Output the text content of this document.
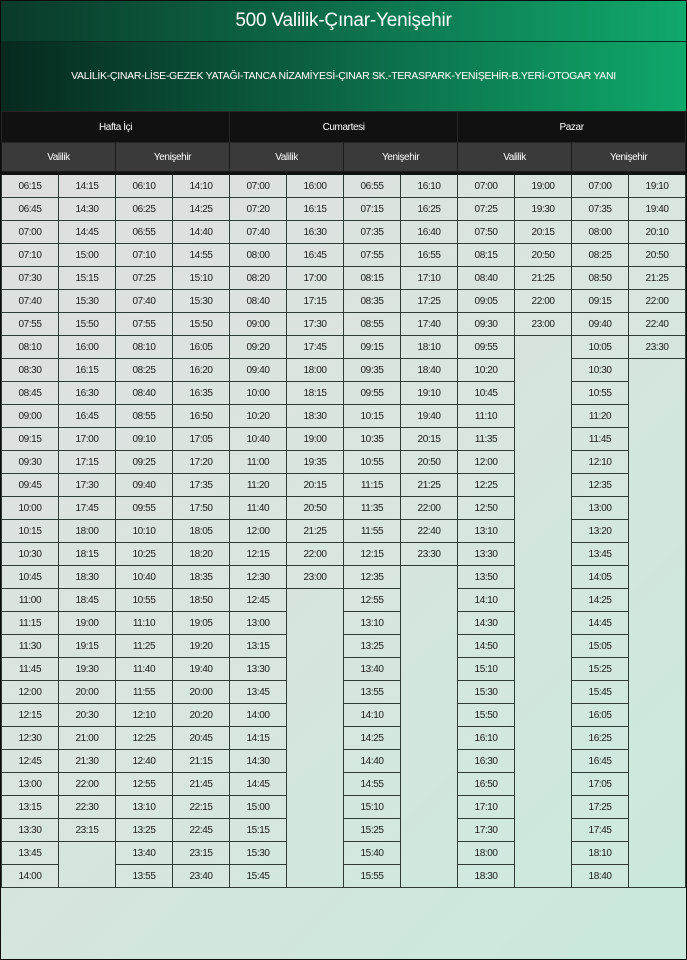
500 Valilik-Çınar-Yenişehir
VALİLİK-ÇINAR-LİSE-GEZEK YATAĞI-TANCA NİZAMİYESİ-ÇINAR SK.-TERASPARK-YENİŞEHİR-B.YERİ-OTOGAR YANI
Hafta İçi				Cumartesi				Pazar			
Valilik		Yenişehir		Valilik		Yenişehir		Valilik		Yenişehir	

06:15	14:15	06:10	14:10	07:00	16:00	06:55	16:10	07:00	19:00	07:00	19:10
06:45	14:30	06:25	14:25	07:20	16:15	07:15	16:25	07:25	19:30	07:35	19:40
07:00	14:45	06:55	14:40	07:40	16:30	07:35	16:40	07:50	20:15	08:00	20:10
07:10	15:00	07:10	14:55	08:00	16:45	07:55	16:55	08:15	20:50	08:25	20:50
07:30	15:15	07:25	15:10	08:20	17:00	08:15	17:10	08:40	21:25	08:50	21:25
07:40	15:30	07:40	15:30	08:40	17:15	08:35	17:25	09:05	22:00	09:15	22:00
07:55	15:50	07:55	15:50	09:00	17:30	08:55	17:40	09:30	23:00	09:40	22:40
08:10	16:00	08:10	16:05	09:20	17:45	09:15	18:10	09:55		10:05	23:30
08:30	16:15	08:25	16:20	09:40	18:00	09:35	18:40	10:20		10:30	
08:45	16:30	08:40	16:35	10:00	18:15	09:55	19:10	10:45		10:55	
09:00	16:45	08:55	16:50	10:20	18:30	10:15	19:40	11:10		11:20	
09:15	17:00	09:10	17:05	10:40	19:00	10:35	20:15	11:35		11:45	
09:30	17:15	09:25	17:20	11:00	19:35	10:55	20:50	12:00		12:10	
09:45	17:30	09:40	17:35	11:20	20:15	11:15	21:25	12:25		12:35	
10:00	17:45	09:55	17:50	11:40	20:50	11:35	22:00	12:50		13:00	
10:15	18:00	10:10	18:05	12:00	21:25	11:55	22:40	13:10		13:20	
10:30	18:15	10:25	18:20	12:15	22:00	12:15	23:30	13:30		13:45	
10:45	18:30	10:40	18:35	12:30	23:00	12:35		13:50		14:05	
11:00	18:45	10:55	18:50	12:45		12:55		14:10		14:25	
11:15	19:00	11:10	19:05	13:00		13:10		14:30		14:45	
11:30	19:15	11:25	19:20	13:15		13:25		14:50		15:05	
11:45	19:30	11:40	19:40	13:30		13:40		15:10		15:25	
12:00	20:00	11:55	20:00	13:45		13:55		15:30		15:45	
12:15	20:30	12:10	20:20	14:00		14:10		15:50		16:05	
12:30	21:00	12:25	20:45	14:15		14:25		16:10		16:25	
12:45	21:30	12:40	21:15	14:30		14:40		16:30		16:45	
13:00	22:00	12:55	21:45	14:45		14:55		16:50		17:05	
13:15	22:30	13:10	22:15	15:00		15:10		17:10		17:25	
13:30	23:15	13:25	22:45	15:15		15:25		17:30		17:45	
13:45		13:40	23:15	15:30		15:40		18:00		18:10	
14:00		13:55	23:40	15:45		15:55		18:30		18:40	
